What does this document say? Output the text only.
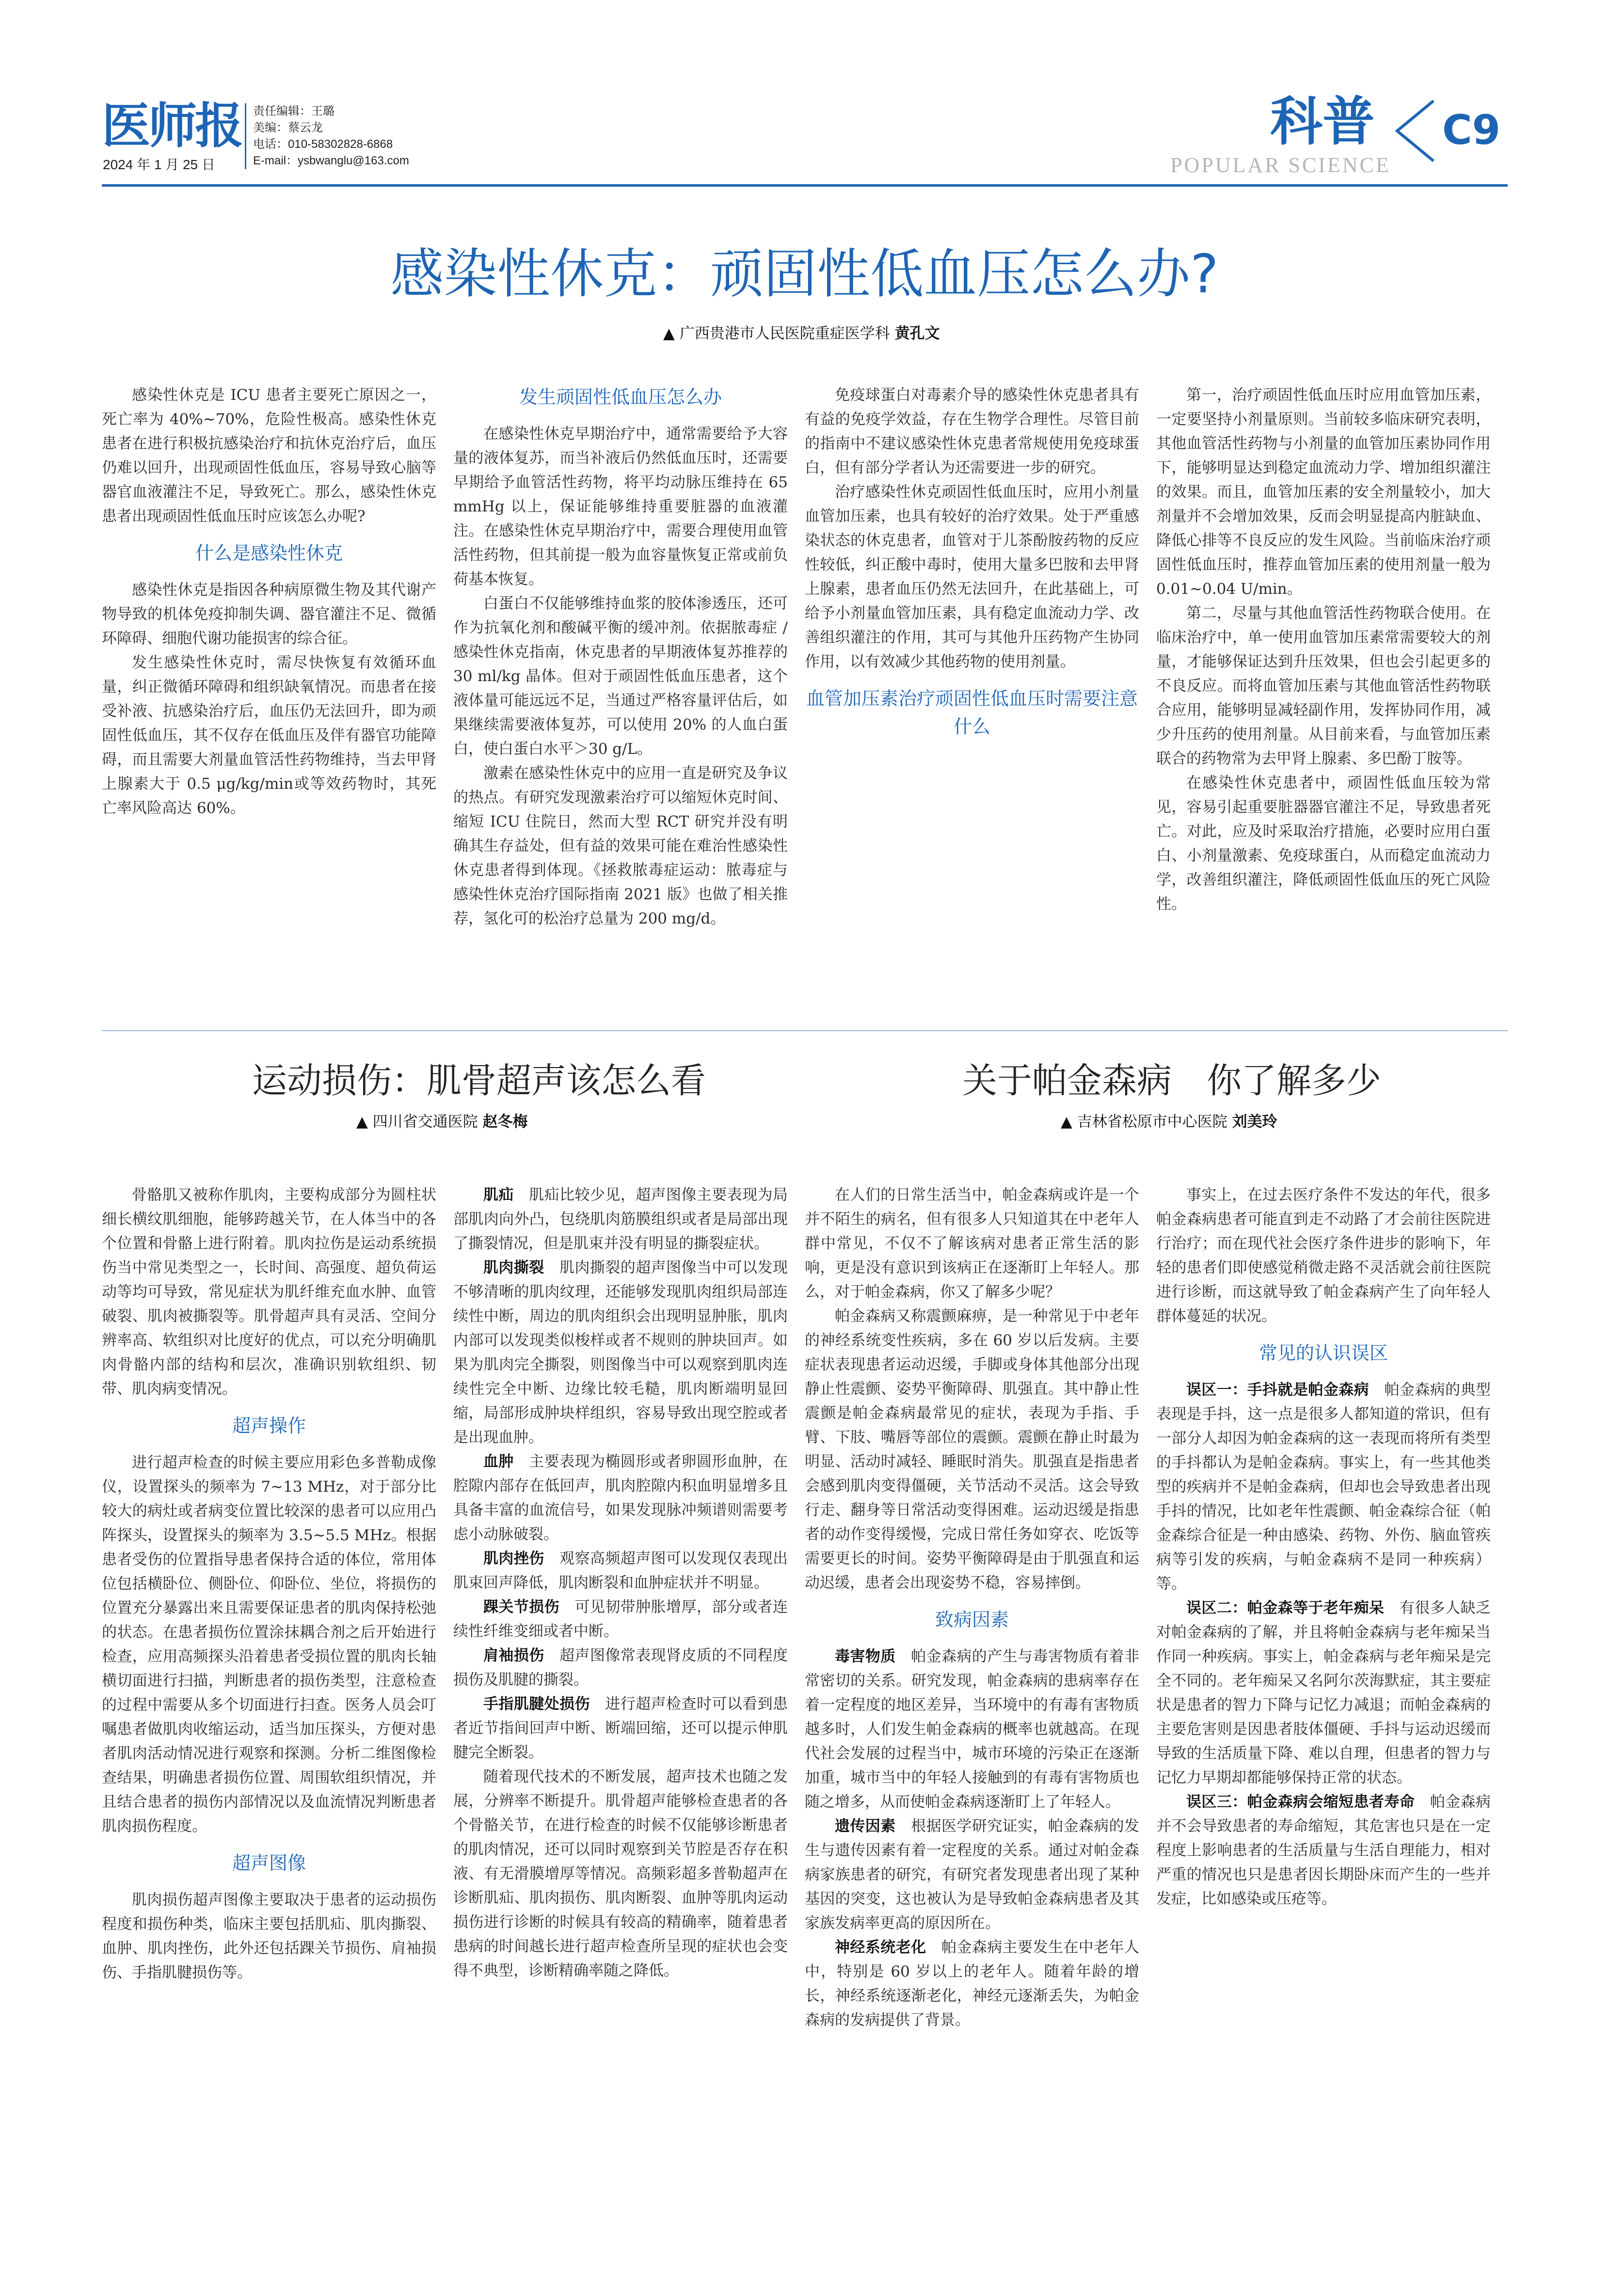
医师报
2024 年 1 月 25 日
责任编辑：王璐
美编：蔡云龙
电话：010-58302828-6868
E-mail：ysbwanglu@163.com
科普 C9
POPULAR SCIENCE
感染性休克：顽固性低血压怎么办?
▲ 广西贵港市人民医院重症医学科 黄孔文

感染性休克是 ICU 患者主要死亡原因之一，死亡率为 40%~70%，危险性极高。感染性休克患者在进行积极抗感染治疗和抗休克治疗后，血压仍难以回升，出现顽固性低血压，容易导致心脑等器官血液灌注不足，导致死亡。那么，感染性休克患者出现顽固性低血压时应该怎么办呢?

什么是感染性休克

感染性休克是指因各种病原微生物及其代谢产物导致的机体免疫抑制失调、器官灌注不足、微循环障碍、细胞代谢功能损害的综合征。

发生感染性休克时，需尽快恢复有效循环血量，纠正微循环障碍和组织缺氧情况。而患者在接受补液、抗感染治疗后，血压仍无法回升，即为顽固性低血压，其不仅存在低血压及伴有器官功能障碍，而且需要大剂量血管活性药物维持，当去甲肾上腺素大于 0.5 μg/kg/min或等效药物时，其死亡率风险高达 60%。

发生顽固性低血压怎么办

在感染性休克早期治疗中，通常需要给予大容量的液体复苏，而当补液后仍然低血压时，还需要早期给予血管活性药物，将平均动脉压维持在 65 mmHg 以上，保证能够维持重要脏器的血液灌注。在感染性休克早期治疗中，需要合理使用血管活性药物，但其前提一般为血容量恢复正常或前负荷基本恢复。

白蛋白不仅能够维持血浆的胶体渗透压，还可作为抗氧化剂和酸碱平衡的缓冲剂。依据脓毒症 / 感染性休克指南，休克患者的早期液体复苏推荐的 30 ml/kg 晶体。但对于顽固性低血压患者，这个液体量可能远远不足，当通过严格容量评估后，如果继续需要液体复苏，可以使用 20% 的人血白蛋白，使白蛋白水平＞30 g/L。

激素在感染性休克中的应用一直是研究及争议的热点。有研究发现激素治疗可以缩短休克时间、缩短 ICU 住院日，然而大型 RCT 研究并没有明确其生存益处，但有益的效果可能在难治性感染性休克患者得到体现。《拯救脓毒症运动：脓毒症与感染性休克治疗国际指南 2021 版》也做了相关推荐，氢化可的松治疗总量为 200 mg/d。

免疫球蛋白对毒素介导的感染性休克患者具有有益的免疫学效益，存在生物学合理性。尽管目前的指南中不建议感染性休克患者常规使用免疫球蛋白，但有部分学者认为还需要进一步的研究。

治疗感染性休克顽固性低血压时，应用小剂量血管加压素，也具有较好的治疗效果。处于严重感染状态的休克患者，血管对于儿茶酚胺药物的反应性较低，纠正酸中毒时，使用大量多巴胺和去甲肾上腺素，患者血压仍然无法回升，在此基础上，可给予小剂量血管加压素，具有稳定血流动力学、改善组织灌注的作用，其可与其他升压药物产生协同作用，以有效减少其他药物的使用剂量。

血管加压素治疗顽固性低血压时需要注意什么

第一，治疗顽固性低血压时应用血管加压素，一定要坚持小剂量原则。当前较多临床研究表明，其他血管活性药物与小剂量的血管加压素协同作用下，能够明显达到稳定血流动力学、增加组织灌注的效果。而且，血管加压素的安全剂量较小，加大剂量并不会增加效果，反而会明显提高内脏缺血、降低心排等不良反应的发生风险。当前临床治疗顽固性低血压时，推荐血管加压素的使用剂量一般为 0.01~0.04 U/min。

第二，尽量与其他血管活性药物联合使用。在临床治疗中，单一使用血管加压素常需要较大的剂量，才能够保证达到升压效果，但也会引起更多的不良反应。而将血管加压素与其他血管活性药物联合应用，能够明显减轻副作用，发挥协同作用，减少升压药的使用剂量。从目前来看，与血管加压素联合的药物常为去甲肾上腺素、多巴酚丁胺等。

在感染性休克患者中，顽固性低血压较为常见，容易引起重要脏器器官灌注不足，导致患者死亡。对此，应及时采取治疗措施，必要时应用白蛋白、小剂量激素、免疫球蛋白，从而稳定血流动力学，改善组织灌注，降低顽固性低血压的死亡风险性。

运动损伤：肌骨超声该怎么看
▲ 四川省交通医院 赵冬梅

骨骼肌又被称作肌肉，主要构成部分为圆柱状细长横纹肌细胞，能够跨越关节，在人体当中的各个位置和骨骼上进行附着。肌肉拉伤是运动系统损伤当中常见类型之一，长时间、高强度、超负荷运动等均可导致，常见症状为肌纤维充血水肿、血管破裂、肌肉被撕裂等。肌骨超声具有灵活、空间分辨率高、软组织对比度好的优点，可以充分明确肌肉骨骼内部的结构和层次，准确识别软组织、韧带、肌肉病变情况。

超声操作

进行超声检查的时候主要应用彩色多普勒成像仪，设置探头的频率为 7~13 MHz，对于部分比较大的病灶或者病变位置比较深的患者可以应用凸阵探头，设置探头的频率为 3.5~5.5 MHz。根据患者受伤的位置指导患者保持合适的体位，常用体位包括横卧位、侧卧位、仰卧位、坐位，将损伤的位置充分暴露出来且需要保证患者的肌肉保持松弛的状态。在患者损伤位置涂抹耦合剂之后开始进行检查，应用高频探头沿着患者受损位置的肌肉长轴横切面进行扫描，判断患者的损伤类型，注意检查的过程中需要从多个切面进行扫查。医务人员会叮嘱患者做肌肉收缩运动，适当加压探头，方便对患者肌肉活动情况进行观察和探测。分析二维图像检查结果，明确患者损伤位置、周围软组织情况，并且结合患者的损伤内部情况以及血流情况判断患者肌肉损伤程度。

超声图像

肌肉损伤超声图像主要取决于患者的运动损伤程度和损伤种类，临床主要包括肌疝、肌肉撕裂、血肿、肌肉挫伤，此外还包括踝关节损伤、肩袖损伤、手指肌腱损伤等。

肌疝　 肌疝比较少见，超声图像主要表现为局部肌肉向外凸，包绕肌肉筋膜组织或者是局部出现了撕裂情况，但是肌束并没有明显的撕裂症状。

肌肉撕裂　 肌肉撕裂的超声图像当中可以发现不够清晰的肌肉纹理，还能够发现肌肉组织局部连续性中断，周边的肌肉组织会出现明显肿胀，肌肉内部可以发现类似梭样或者不规则的肿块回声。如果为肌肉完全撕裂，则图像当中可以观察到肌肉连续性完全中断、边缘比较毛糙，肌肉断端明显回缩，局部形成肿块样组织，容易导致出现空腔或者是出现血肿。

血肿　 主要表现为椭圆形或者卵圆形血肿，在腔隙内部存在低回声，肌肉腔隙内积血明显增多且具备丰富的血流信号，如果发现脉冲频谱则需要考虑小动脉破裂。

肌肉挫伤　 观察高频超声图可以发现仅表现出肌束回声降低，肌肉断裂和血肿症状并不明显。

踝关节损伤　 可见韧带肿胀增厚，部分或者连续性纤维变细或者中断。

肩袖损伤　 超声图像常表现肾皮质的不同程度损伤及肌腱的撕裂。

手指肌腱处损伤　 进行超声检查时可以看到患者近节指间回声中断、断端回缩，还可以提示伸肌腱完全断裂。

随着现代技术的不断发展，超声技术也随之发展，分辨率不断提升。肌骨超声能够检查患者的各个骨骼关节，在进行检查的时候不仅能够诊断患者的肌肉情况，还可以同时观察到关节腔是否存在积液、有无滑膜增厚等情况。高频彩超多普勒超声在诊断肌疝、肌肉损伤、肌肉断裂、血肿等肌肉运动损伤进行诊断的时候具有较高的精确率，随着患者患病的时间越长进行超声检查所呈现的症状也会变得不典型，诊断精确率随之降低。

关于帕金森病　你了解多少
▲ 吉林省松原市中心医院 刘美玲

在人们的日常生活当中，帕金森病或许是一个并不陌生的病名，但有很多人只知道其在中老年人群中常见，不仅不了解该病对患者正常生活的影响，更是没有意识到该病正在逐渐盯上年轻人。那么，对于帕金森病，你又了解多少呢？

帕金森病又称震颤麻痹，是一种常见于中老年的神经系统变性疾病，多在 60 岁以后发病。主要症状表现患者运动迟缓，手脚或身体其他部分出现静止性震颤、姿势平衡障碍、肌强直。其中静止性震颤是帕金森病最常见的症状，表现为手指、手臂、下肢、嘴唇等部位的震颤。震颤在静止时最为明显、活动时减轻、睡眠时消失。肌强直是指患者会感到肌肉变得僵硬，关节活动不灵活。这会导致行走、翻身等日常活动变得困难。运动迟缓是指患者的动作变得缓慢，完成日常任务如穿衣、吃饭等需要更长的时间。姿势平衡障碍是由于肌强直和运动迟缓，患者会出现姿势不稳，容易摔倒。

致病因素

毒害物质　 帕金森病的产生与毒害物质有着非常密切的关系。研究发现，帕金森病的患病率存在着一定程度的地区差异，当环境中的有毒有害物质越多时，人们发生帕金森病的概率也就越高。在现代社会发展的过程当中，城市环境的污染正在逐渐加重，城市当中的年轻人接触到的有毒有害物质也随之增多，从而使帕金森病逐渐盯上了年轻人。

遗传因素　 根据医学研究证实，帕金森病的发生与遗传因素有着一定程度的关系。通过对帕金森病家族患者的研究，有研究者发现患者出现了某种基因的突变，这也被认为是导致帕金森病患者及其家族发病率更高的原因所在。

神经系统老化　 帕金森病主要发生在中老年人中，特别是 60 岁以上的老年人。随着年龄的增长，神经系统逐渐老化，神经元逐渐丢失，为帕金森病的发病提供了背景。

事实上，在过去医疗条件不发达的年代，很多帕金森病患者可能直到走不动路了才会前往医院进行治疗；而在现代社会医疗条件进步的影响下，年轻的患者们即使感觉稍微走路不灵活就会前往医院进行诊断，而这就导致了帕金森病产生了向年轻人群体蔓延的状况。

常见的认识误区

误区一：手抖就是帕金森病　 帕金森病的典型表现是手抖，这一点是很多人都知道的常识，但有一部分人却因为帕金森病的这一表现而将所有类型的手抖都认为是帕金森病。事实上，有一些其他类型的疾病并不是帕金森病，但却也会导致患者出现手抖的情况，比如老年性震颤、帕金森综合征（帕金森综合征是一种由感染、药物、外伤、脑血管疾病等引发的疾病，与帕金森病不是同一种疾病）等。

误区二：帕金森等于老年痴呆　 有很多人缺乏对帕金森病的了解，并且将帕金森病与老年痴呆当作同一种疾病。事实上，帕金森病与老年痴呆是完全不同的。老年痴呆又名阿尔茨海默症，其主要症状是患者的智力下降与记忆力减退；而帕金森病的主要危害则是因患者肢体僵硬、手抖与运动迟缓而导致的生活质量下降、难以自理，但患者的智力与记忆力早期却都能够保持正常的状态。

误区三：帕金森病会缩短患者寿命　 帕金森病并不会导致患者的寿命缩短，其危害也只是在一定程度上影响患者的生活质量与生活自理能力，相对严重的情况也只是患者因长期卧床而产生的一些并发症，比如感染或压疮等。
